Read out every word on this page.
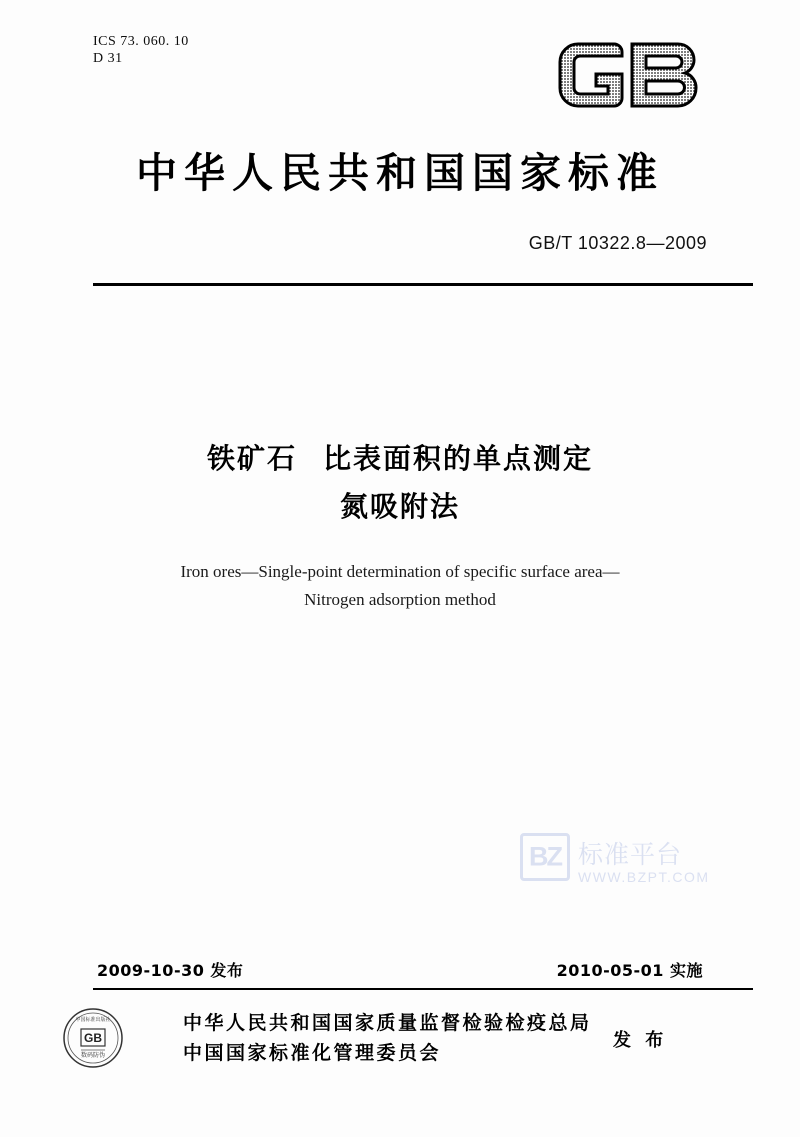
ICS 73. 060. 10
D 31
中华人民共和国国家标准
GB/T 10322.8—2009
铁矿石 比表面积的单点测定
氮吸附法
Iron ores—Single-point determination of specific surface area—
Nitrogen adsorption method
BZ 标准平台
WWW.BZPT.COM
2009-10-30 发布	2010-05-01 实施
GB
中国标准出版社
数码防伪
中华人民共和国国家质量监督检验检疫总局
中国国家标准化管理委员会
发 布
